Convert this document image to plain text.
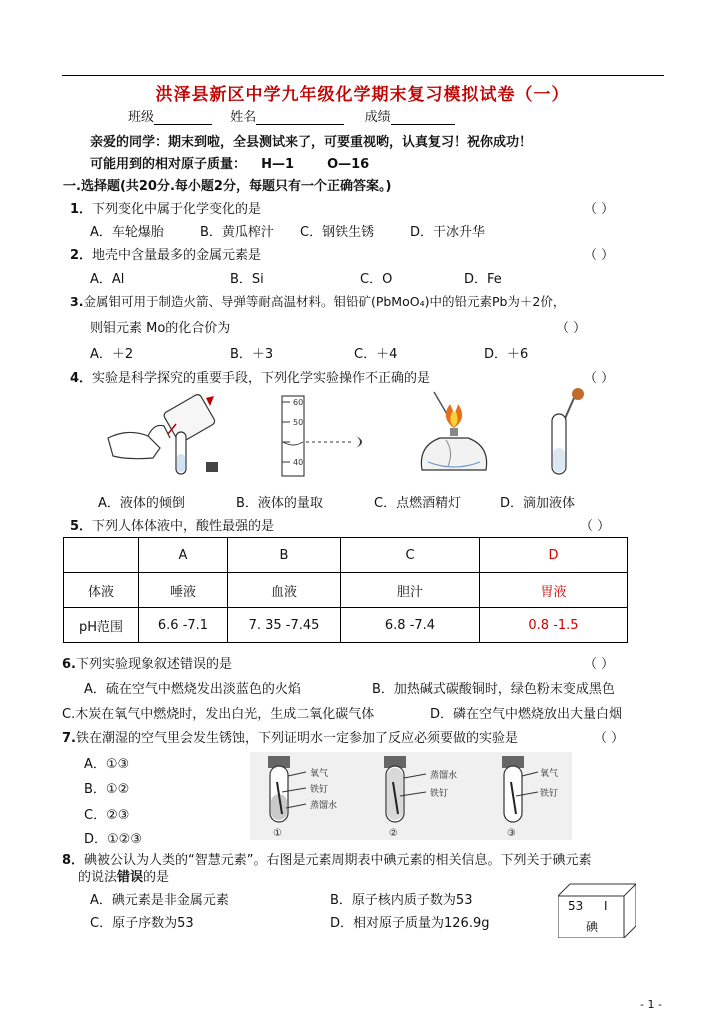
洪泽县新区中学九年级化学期末复习模拟试卷（一）
班级	姓名	成绩
亲爱的同学：期末到啦，全县测试来了，可要重视哟，认真复习！祝你成功！
可能用到的相对原子质量： H—1	O—16
一.选择题(共20分.每小题2分，每题只有一个正确答案。)
1．下列变化中属于化学变化的是	（ ）
A．车轮爆胎	B．黄瓜榨汁 C．钢铁生锈	D．干冰升华
2．地壳中含量最多的金属元素是	（ ）
A．Al	B．Si	C．O	D．Fe
3.金属钼可用于制造火箭、导弹等耐高温材料。钼铅矿(PbMoO₄)中的铅元素Pb为＋2价，
则钼元素 Mo的化合价为	（ ）
A．＋2	B．＋3	C．＋4	D．＋6
4．实验是科学探究的重要手段，下列化学实验操作不正确的是	（ ）
60
50
40
A．液体的倾倒	B．液体的量取	C．点燃酒精灯	D．滴加液体
5．下列人体体液中，酸性最强的是	（ ）
	A	B	C	D
体液	唾液	血液	胆汁	胃液
pH范围	6.6 -7.1	7. 35 -7.45	6.8 -7.4	0.8 -1.5
6.下列实验现象叙述错误的是	（ ）
A．硫在空气中燃烧发出淡蓝色的火焰	B．加热碱式碳酸铜时，绿色粉末变成黑色
C.木炭在氧气中燃烧时，发出白光，生成二氧化碳气体	D．磷在空气中燃烧放出大量白烟
7.铁在潮湿的空气里会发生锈蚀，下列证明水一定参加了反应必须要做的实验是	（ ）
A．①③
B．①②
C．②③
D．①②③
氧气
铁钉
蒸馏水
①
蒸馏水
铁钉
②
氧气
铁钉
③
8．碘被公认为人类的“智慧元素”。右图是元素周期表中碘元素的相关信息。下列关于碘元素
的说法错误的是
A．碘元素是非金属元素	B．原子核内质子数为53
C．原子序数为53	D．相对原子质量为126.9g
53 I
碘
- 1 -
